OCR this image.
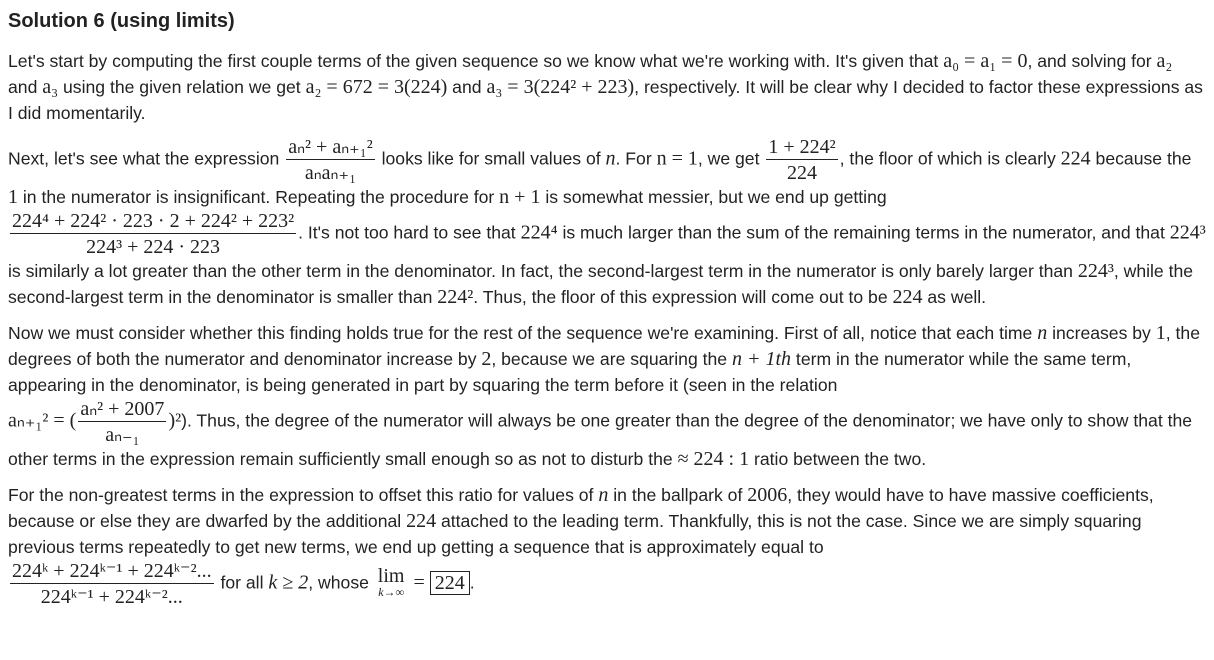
Solution 6 (using limits)

Let's start by computing the first couple terms of the given sequence so we know what we're working with. It's given that a₀ = a₁ = 0, and solving for a₂ and a₃ using the given relation we get a₂ = 672 = 3(224) and a₃ = 3(224² + 223), respectively. It will be clear why I decided to factor these expressions as I did momentarily.

Next, let's see what the expression $\frac{\text{aₙ² + aₙ₊₁²}}{\text{aₙaₙ₊₁}}$ looks like for small values of n. For n = 1, we get $\frac{\text{1 + 224²}}{224}$ , the floor of which is clearly 224 because the 1 in the numerator is insignificant. Repeating the procedure for n + 1 is somewhat messier, but we end up getting

$\frac{\text{224⁴ + 224² · 223 · 2 + 224² + 223²}}{\text{224³ + 224 · 223}}$ . It's not too hard to see that 224⁴ is much larger than the sum of the remaining terms in the numerator, and that 224³ is similarly a lot greater than the other term in the denominator. In fact, the second-largest term in the numerator is only barely larger than 224³, while the second-largest term in the denominator is smaller than 224². Thus, the floor of this expression will come out to be 224 as well.

Now we must consider whether this finding holds true for the rest of the sequence we're examining. First of all, notice that each time n increases by 1, the degrees of both the numerator and denominator increase by 2, because we are squaring the n + 1th term in the numerator while the same term, appearing in the denominator, is being generated in part by squaring the term before it (seen in the relation
aₙ₊₁² = ( $\frac{\text{aₙ² + 2007}}{\text{aₙ₋₁}} )^2$). Thus, the degree of the numerator will always be one greater than the degree of the denominator; we have only to show that the other terms in the expression remain sufficiently small enough so as not to disturb the ≈ 224 : 1 ratio between the two.

For the non-greatest terms in the expression to offset this ratio for values of n in the ballpark of 2006, they would have to have massive coefficients, because or else they are dwarfed by the additional 224 attached to the leading term. Thankfully, this is not the case. Since we are simply squaring previous terms repeatedly to get new terms, we end up getting a sequence that is approximately equal to

$\frac{\text{224ᵏ + 224ᵏ⁻¹ + 224ᵏ⁻²...}}{\text{224ᵏ⁻¹ + 224ᵏ⁻²...}}$ for all k ≥ 2, whose lim
k→∞ = 224 .
